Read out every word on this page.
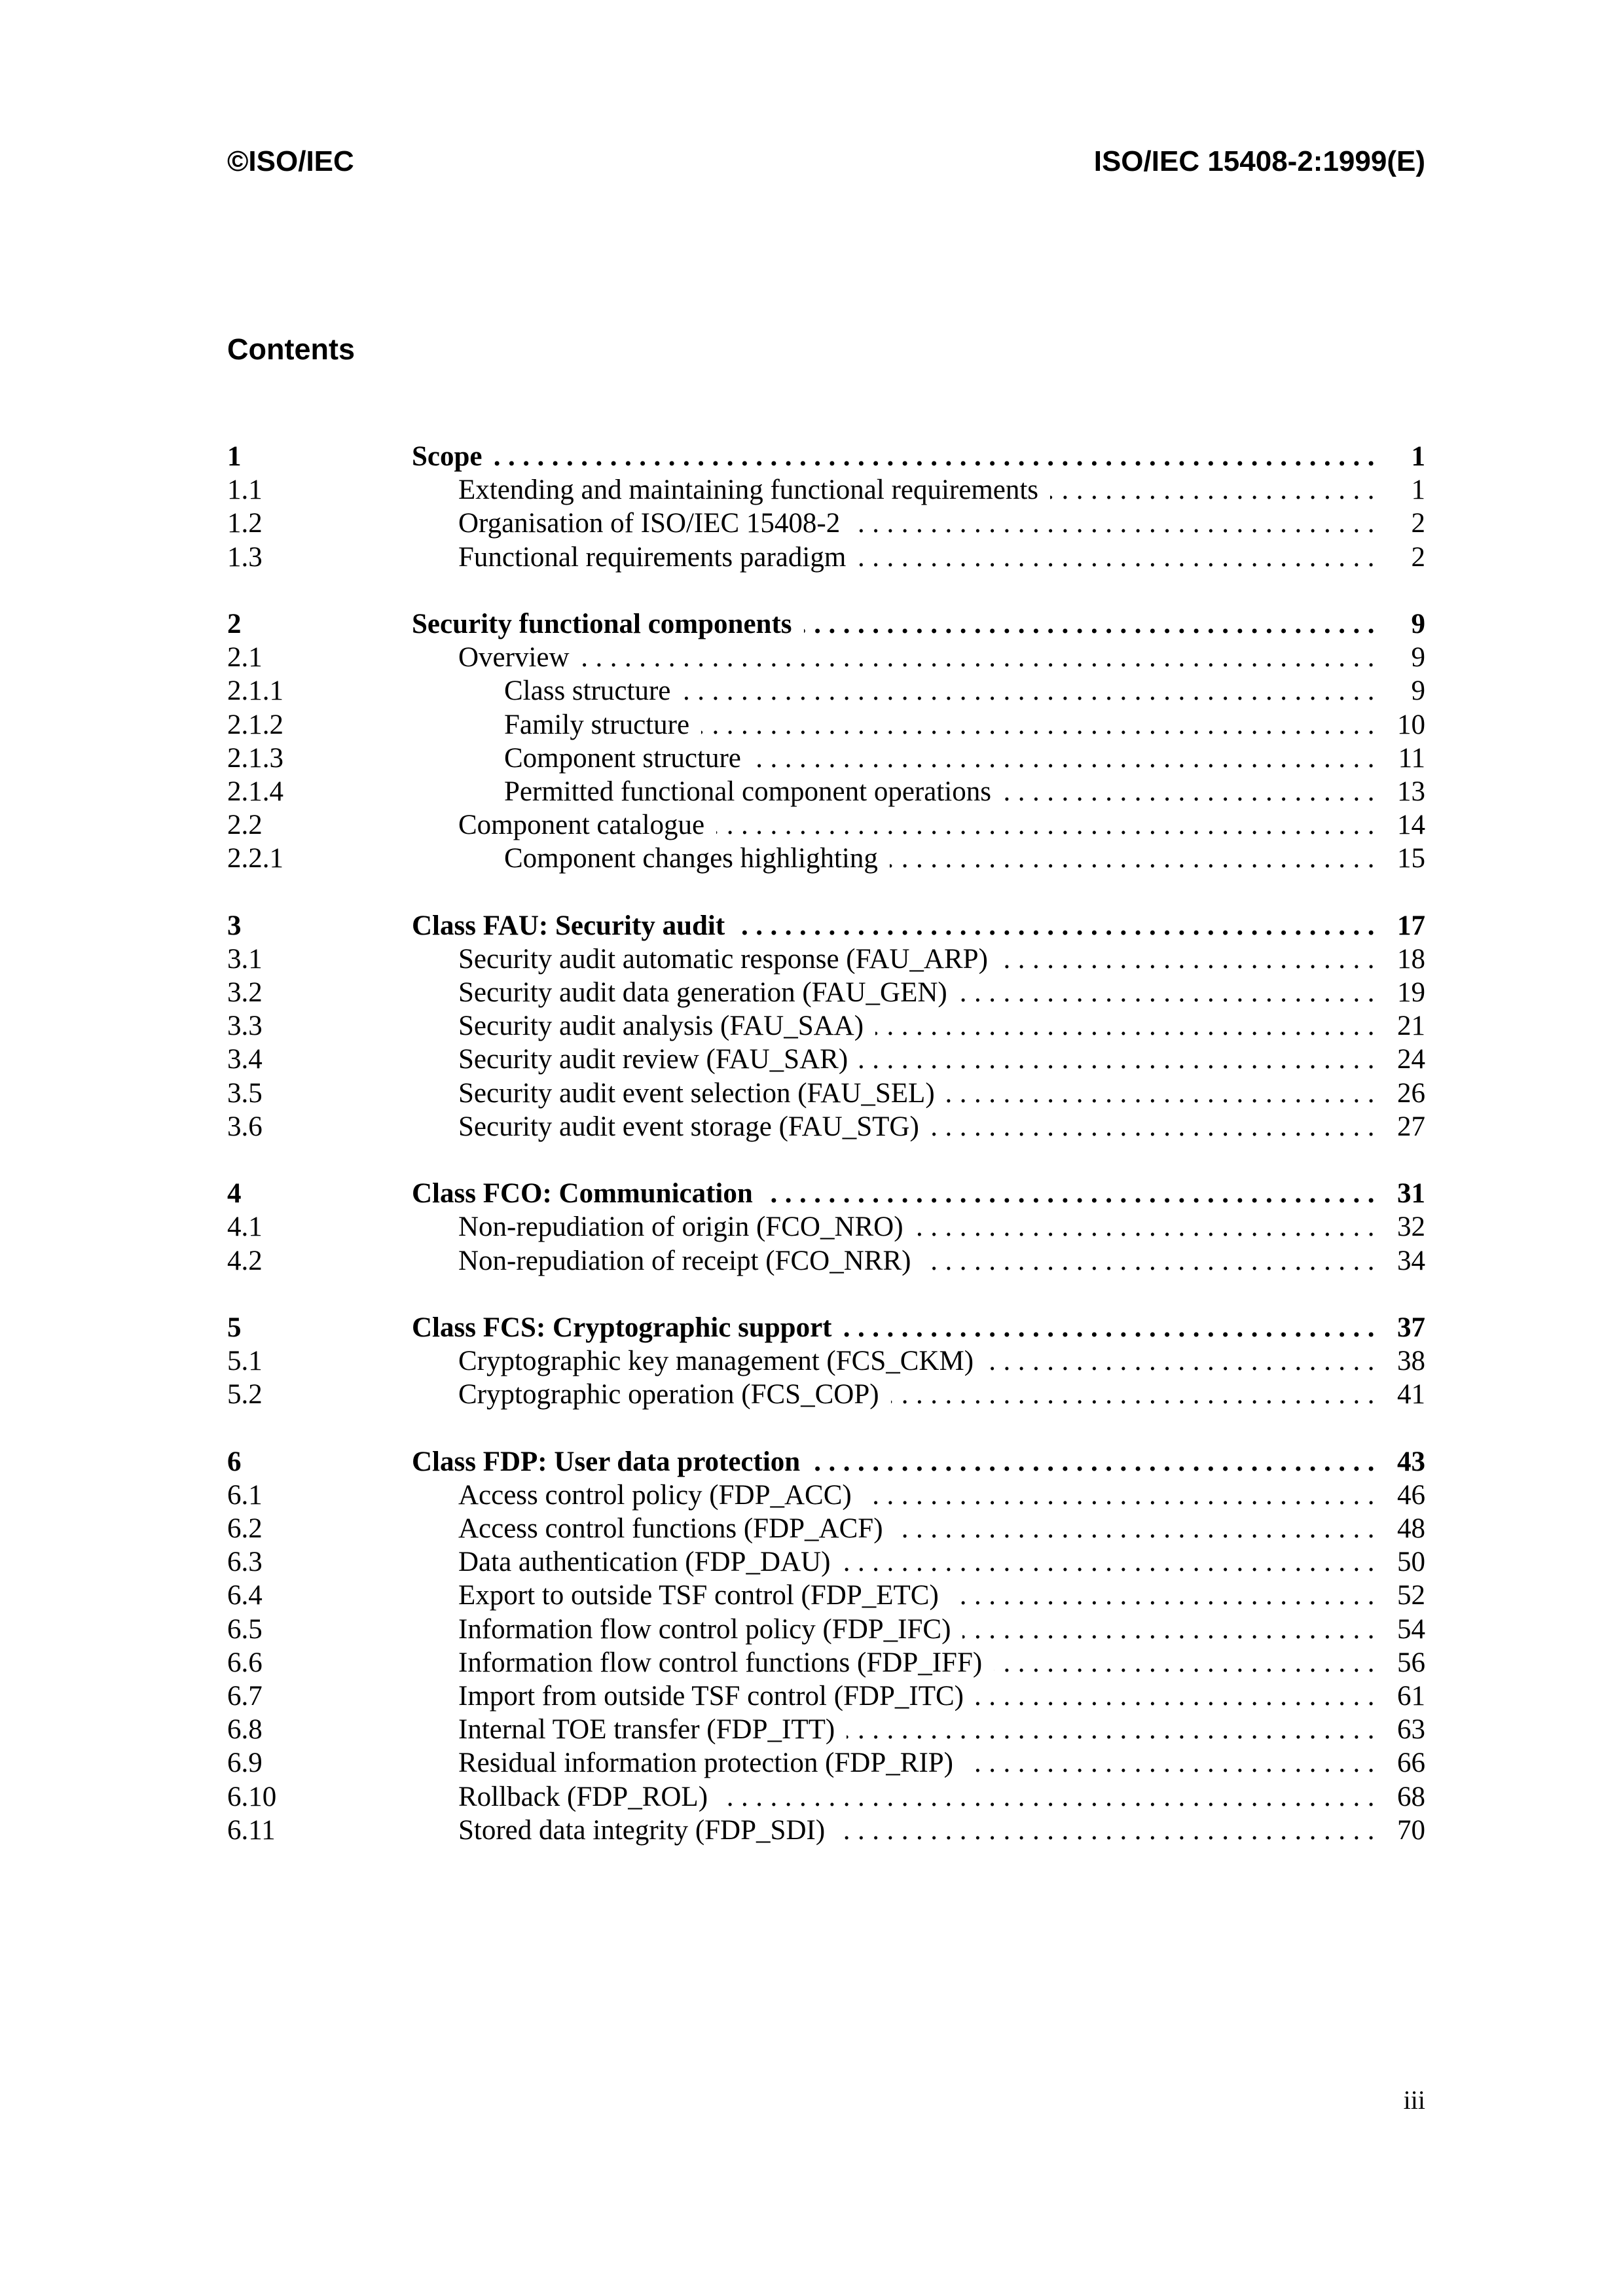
©ISO/IEC	ISO/IEC 15408-2:1999(E)
Contents
1	Scope .....	1
1.1	Extending and maintaining functional requirements .....	1
1.2	Organisation of ISO/IEC 15408-2 .....	2
1.3	Functional requirements paradigm .....	2
2	Security functional components .....	9
2.1	Overview .....	9
2.1.1	Class structure .....	9
2.1.2	Family structure .....	10
2.1.3	Component structure .....	11
2.1.4	Permitted functional component operations .....	13
2.2	Component catalogue .....	14
2.2.1	Component changes highlighting .....	15
3	Class FAU: Security audit .....	17
3.1	Security audit automatic response (FAU_ARP) .....	18
3.2	Security audit data generation (FAU_GEN) .....	19
3.3	Security audit analysis (FAU_SAA) .....	21
3.4	Security audit review (FAU_SAR) .....	24
3.5	Security audit event selection (FAU_SEL) .....	26
3.6	Security audit event storage (FAU_STG) .....	27
4	Class FCO: Communication .....	31
4.1	Non-repudiation of origin (FCO_NRO) .....	32
4.2	Non-repudiation of receipt (FCO_NRR) .....	34
5	Class FCS: Cryptographic support .....	37
5.1	Cryptographic key management (FCS_CKM) .....	38
5.2	Cryptographic operation (FCS_COP) .....	41
6	Class FDP: User data protection .....	43
6.1	Access control policy (FDP_ACC) .....	46
6.2	Access control functions (FDP_ACF) .....	48
6.3	Data authentication (FDP_DAU) .....	50
6.4	Export to outside TSF control (FDP_ETC) .....	52
6.5	Information flow control policy (FDP_IFC) .....	54
6.6	Information flow control functions (FDP_IFF) .....	56
6.7	Import from outside TSF control (FDP_ITC) .....	61
6.8	Internal TOE transfer (FDP_ITT) .....	63
6.9	Residual information protection (FDP_RIP) .....	66
6.10	Rollback (FDP_ROL) .....	68
6.11	Stored data integrity (FDP_SDI) .....	70
iii
